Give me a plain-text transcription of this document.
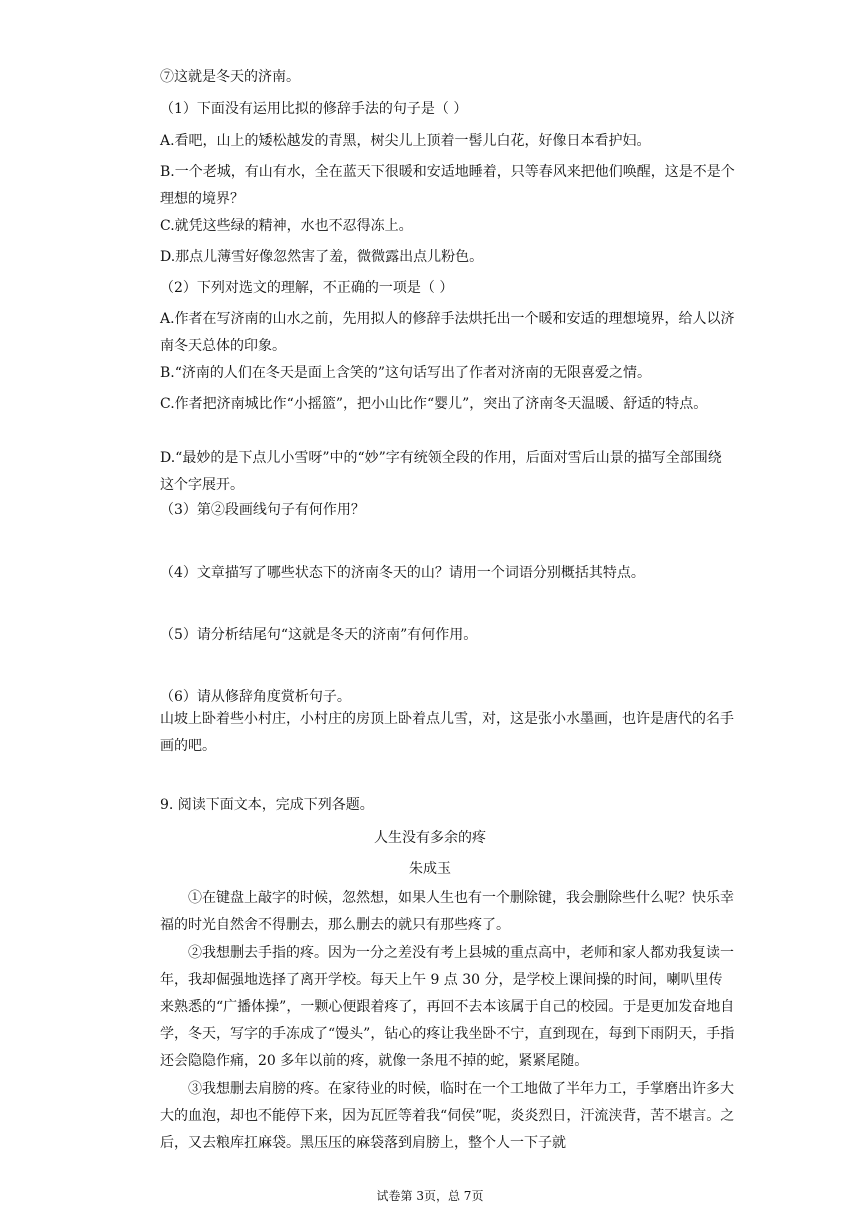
⑦这就是冬天的济南。

（1）下面没有运用比拟的修辞手法的句子是（ ）

A.看吧，山上的矮松越发的青黑，树尖儿上顶着一髻儿白花，好像日本看护妇。

B.一个老城，有山有水，全在蓝天下很暖和安适地睡着，只等春风来把他们唤醒，这是不是个理想的境界？

C.就凭这些绿的精神，水也不忍得冻上。

D.那点儿薄雪好像忽然害了羞，微微露出点儿粉色。

（2）下列对选文的理解，不正确的一项是（ ）

A.作者在写济南的山水之前，先用拟人的修辞手法烘托出一个暖和安适的理想境界，给人以济南冬天总体的印象。

B.“济南的人们在冬天是面上含笑的”这句话写出了作者对济南的无限喜爱之情。

C.作者把济南城比作“小摇篮”，把小山比作“婴儿”，突出了济南冬天温暖、舒适的特点。

D.“最妙的是下点儿小雪呀”中的“妙”字有统领全段的作用，后面对雪后山景的描写全部围绕这个字展开。

（3）第②段画线句子有何作用？

（4）文章描写了哪些状态下的济南冬天的山？请用一个词语分别概括其特点。

（5）请分析结尾句“这就是冬天的济南”有何作用。

（6）请从修辞角度赏析句子。

山坡上卧着些小村庄，小村庄的房顶上卧着点儿雪，对，这是张小水墨画，也许是唐代的名手画的吧。

9. 阅读下面文本，完成下列各题。

人生没有多余的疼

朱成玉

①在键盘上敲字的时候，忽然想，如果人生也有一个删除键，我会删除些什么呢？快乐幸福的时光自然舍不得删去，那么删去的就只有那些疼了。

②我想删去手指的疼。因为一分之差没有考上县城的重点高中，老师和家人都劝我复读一年，我却倔强地选择了离开学校。每天上午 9 点 30 分，是学校上课间操的时间，喇叭里传来熟悉的“广播体操”，一颗心便跟着疼了，再回不去本该属于自己的校园。于是更加发奋地自学，冬天，写字的手冻成了“馒头”，钻心的疼让我坐卧不宁，直到现在，每到下雨阴天，手指还会隐隐作痛，20 多年以前的疼，就像一条甩不掉的蛇，紧紧尾随。

③我想删去肩膀的疼。在家待业的时候，临时在一个工地做了半年力工，手掌磨出许多大大的血泡，却也不能停下来，因为瓦匠等着我“伺侯”呢，炎炎烈日，汗流浃背，苦不堪言。之后，又去粮库扛麻袋。黑压压的麻袋落到肩膀上，整个人一下子就

试卷第 3页，总 7页
